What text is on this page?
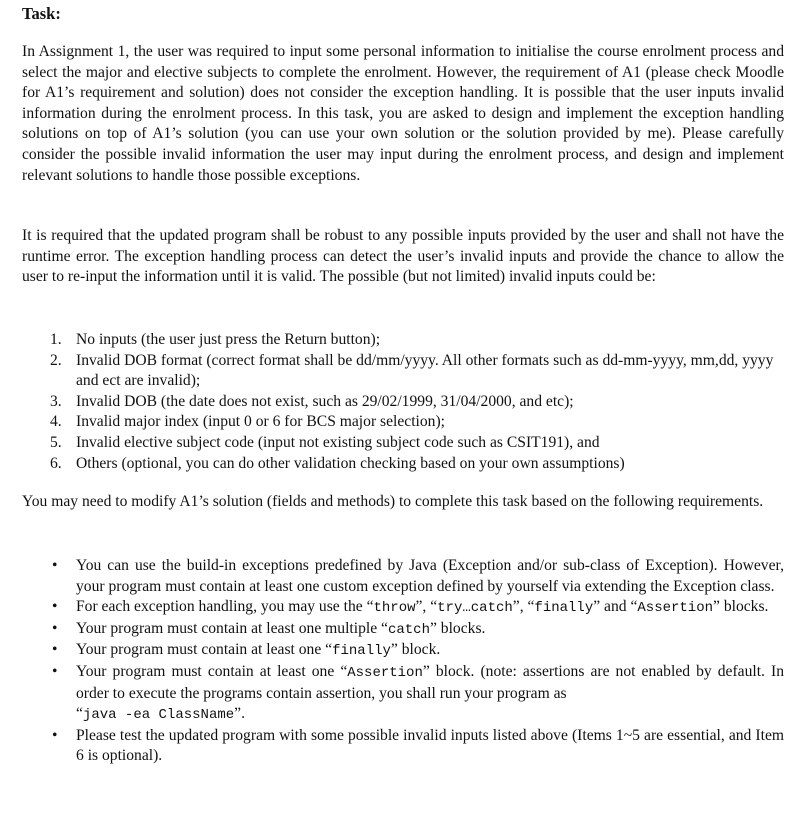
Task:

In Assignment 1, the user was required to input some personal information to initialise the course enrolment process and select the major and elective subjects to complete the enrolment. However, the requirement of A1 (please check Moodle for A1’s requirement and solution) does not consider the exception handling. It is possible that the user inputs invalid information during the enrolment process. In this task, you are asked to design and implement the exception handling solutions on top of A1’s solution (you can use your own solution or the solution provided by me). Please carefully consider the possible invalid information the user may input during the enrolment process, and design and implement relevant solutions to handle those possible exceptions.

It is required that the updated program shall be robust to any possible inputs provided by the user and shall not have the runtime error. The exception handling process can detect the user’s invalid inputs and provide the chance to allow the user to re-input the information until it is valid. The possible (but not limited) invalid inputs could be:

1. No inputs (the user just press the Return button);
2. Invalid DOB format (correct format shall be dd/mm/yyyy. All other formats such as dd-mm-yyyy, mm,dd, yyyy and ect are invalid);
3. Invalid DOB (the date does not exist, such as 29/02/1999, 31/04/2000, and etc);
4. Invalid major index (input 0 or 6 for BCS major selection);
5. Invalid elective subject code (input not existing subject code such as CSIT191), and
6. Others (optional, you can do other validation checking based on your own assumptions)

You may need to modify A1’s solution (fields and methods) to complete this task based on the following requirements.

• You can use the build-in exceptions predefined by Java (Exception and/or sub-class of Exception). However, your program must contain at least one custom exception defined by yourself via extending the Exception class.
• For each exception handling, you may use the “throw”, “try…catch”, “finally” and “Assertion” blocks.
• Your program must contain at least one multiple “catch” blocks.
• Your program must contain at least one “finally” block.
• Your program must contain at least one “Assertion” block. (note: assertions are not enabled by default. In order to execute the programs contain assertion, you shall run your program as
“java -ea ClassName”.
• Please test the updated program with some possible invalid inputs listed above (Items 1~5 are essential, and Item 6 is optional).
